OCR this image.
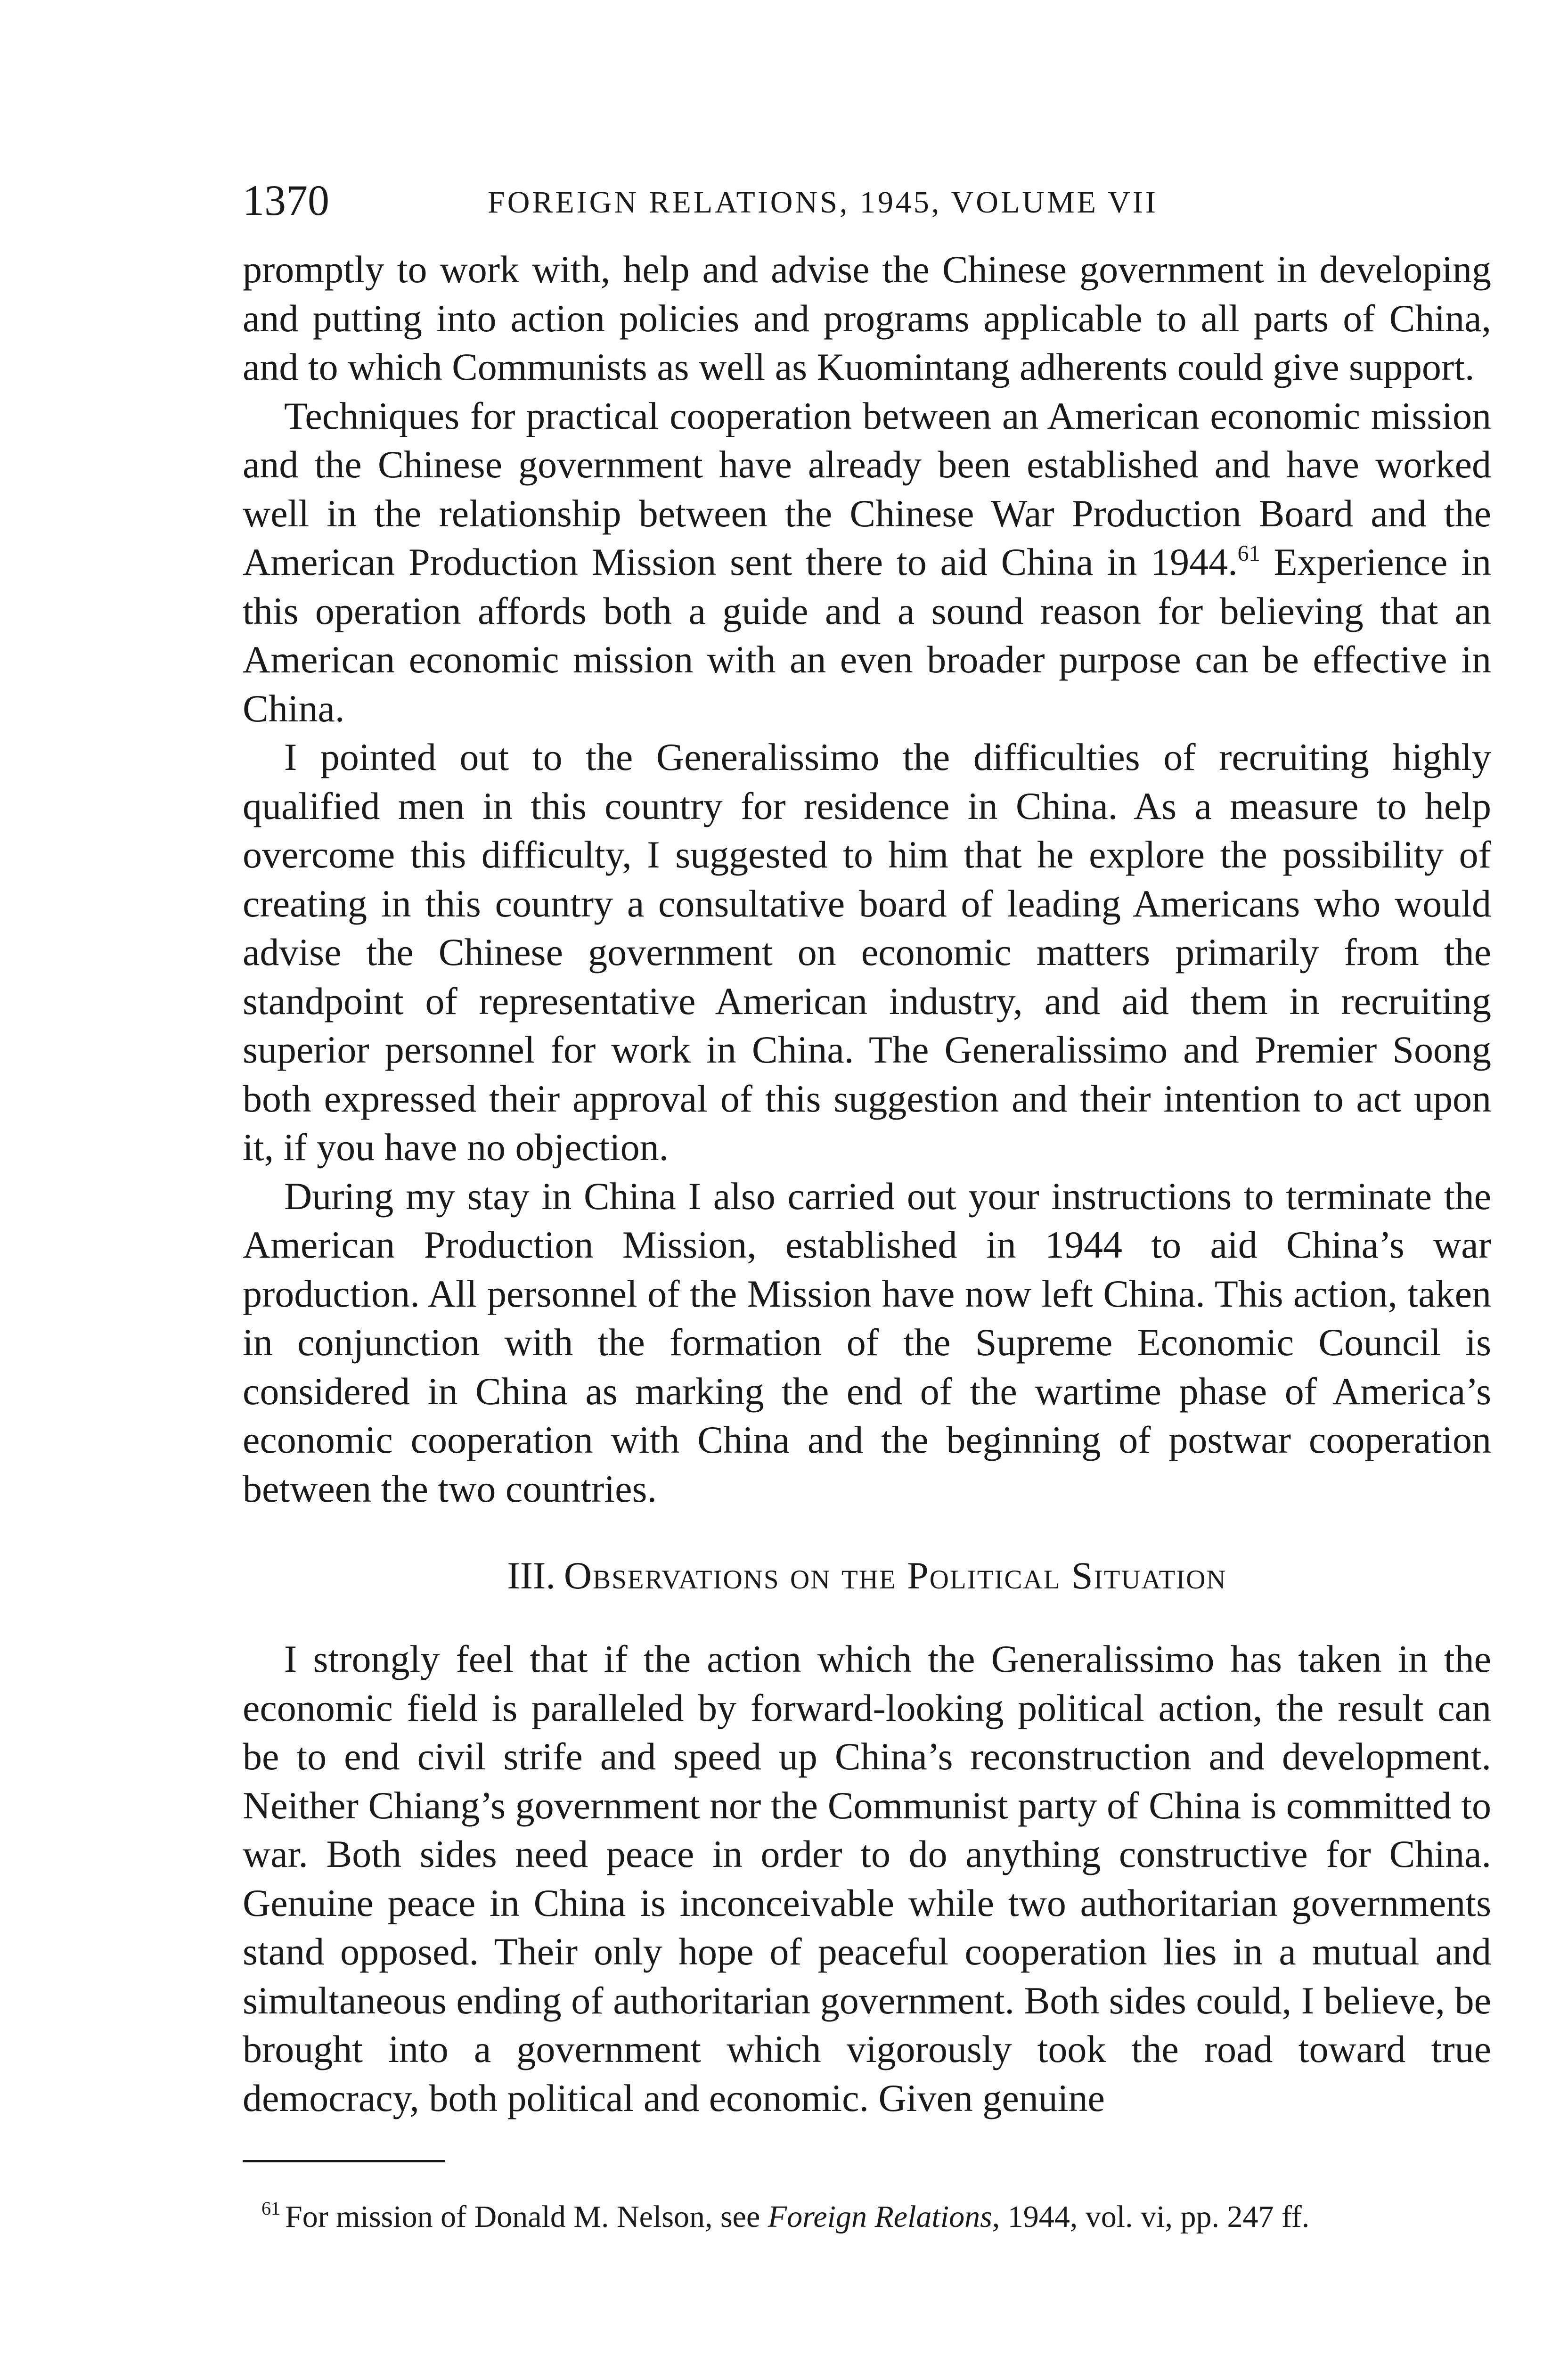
1370	FOREIGN RELATIONS, 1945, VOLUME VII

promptly to work with, help and advise the Chinese government in developing and putting into action policies and programs applicable to all parts of China, and to which Communists as well as Kuomintang adherents could give support.

Techniques for practical cooperation between an American economic mission and the Chinese government have already been established and have worked well in the relationship between the Chinese War Production Board and the American Production Mission sent there to aid China in 1944.61 Experience in this operation affords both a guide and a sound reason for believing that an American economic mission with an even broader purpose can be effective in China.

I pointed out to the Generalissimo the difficulties of recruiting highly qualified men in this country for residence in China. As a measure to help overcome this difficulty, I suggested to him that he explore the possibility of creating in this country a consultative board of leading Americans who would advise the Chinese government on economic matters primarily from the standpoint of representative American industry, and aid them in recruiting superior personnel for work in China. The Generalissimo and Premier Soong both expressed their approval of this suggestion and their intention to act upon it, if you have no objection.

During my stay in China I also carried out your instructions to terminate the American Production Mission, established in 1944 to aid China’s war production. All personnel of the Mission have now left China. This action, taken in conjunction with the formation of the Supreme Economic Council is considered in China as marking the end of the wartime phase of America’s economic cooperation with China and the beginning of postwar cooperation between the two countries.

III. Observations on the Political Situation

I strongly feel that if the action which the Generalissimo has taken in the economic field is paralleled by forward-looking political action, the result can be to end civil strife and speed up China’s reconstruction and development. Neither Chiang’s government nor the Communist party of China is committed to war. Both sides need peace in order to do anything constructive for China. Genuine peace in China is inconceivable while two authoritarian governments stand opposed. Their only hope of peaceful cooperation lies in a mutual and simultaneous ending of authoritarian government. Both sides could, I believe, be brought into a government which vigorously took the road toward true democracy, both political and economic. Given genuine

$^{61}$ For mission of Donald M. Nelson, see Foreign Relations, 1944, vol. vi, pp. 247 ff.
